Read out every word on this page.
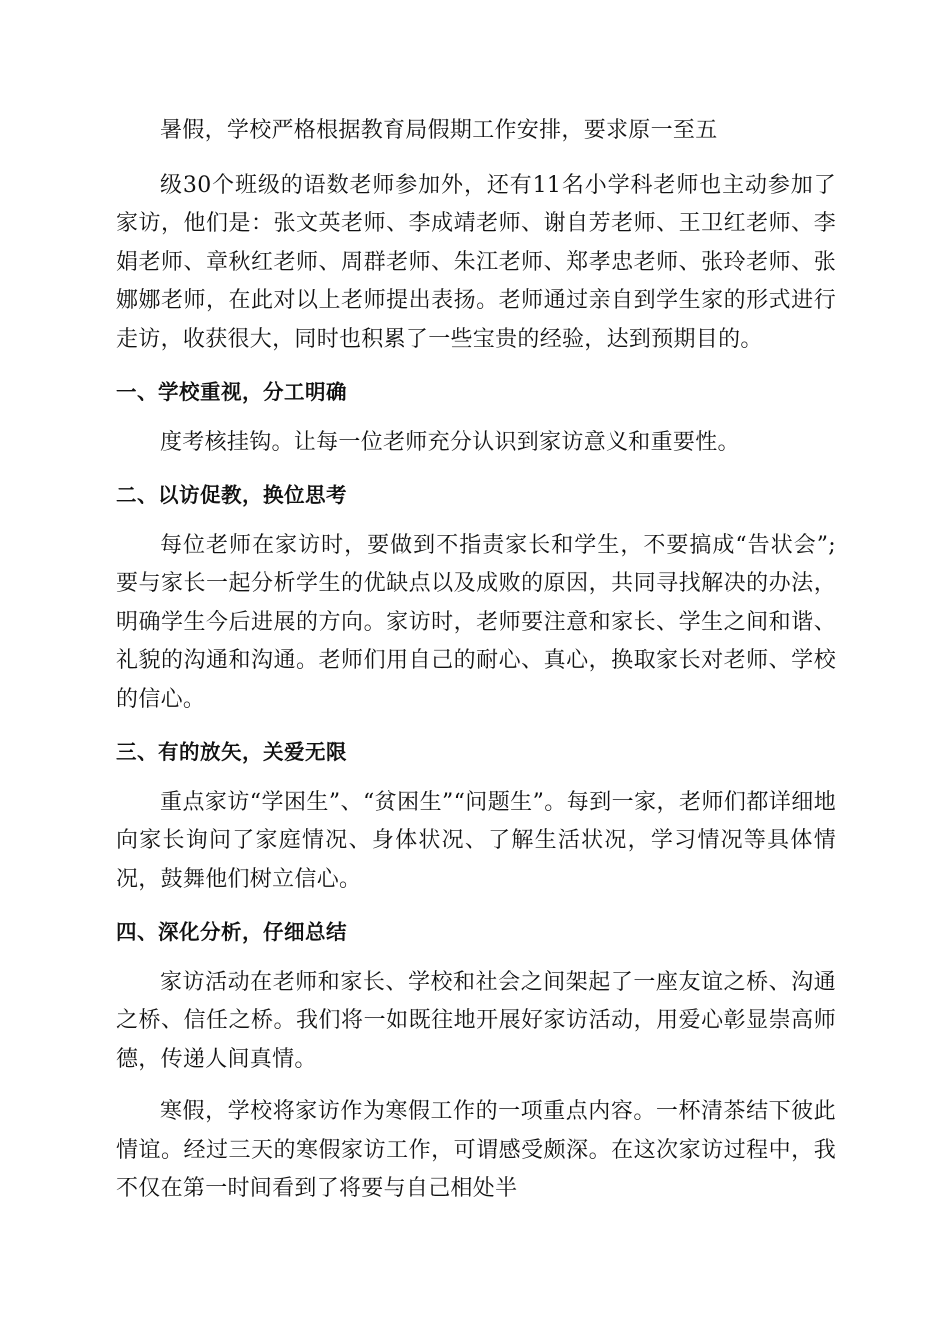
暑假，学校严格根据教育局假期工作安排，要求原一至五

级30个班级的语数老师参加外，还有11名小学科老师也主动参加了家访，他们是：张文英老师、李成靖老师、谢自芳老师、王卫红老师、李娟老师、章秋红老师、周群老师、朱江老师、郑孝忠老师、张玲老师、张娜娜老师，在此对以上老师提出表扬。老师通过亲自到学生家的形式进行走访，收获很大，同时也积累了一些宝贵的经验，达到预期目的。

一、学校重视，分工明确

度考核挂钩。让每一位老师充分认识到家访意义和重要性。

二、以访促教，换位思考

每位老师在家访时，要做到不指责家长和学生，不要搞成“告状会”;要与家长一起分析学生的优缺点以及成败的原因，共同寻找解决的办法，明确学生今后进展的方向。家访时，老师要注意和家长、学生之间和谐、礼貌的沟通和沟通。老师们用自己的耐心、真心，换取家长对老师、学校的信心。

三、有的放矢，关爱无限

重点家访“学困生”、“贫困生”“问题生”。每到一家，老师们都详细地向家长询问了家庭情况、身体状况、了解生活状况，学习情况等具体情况，鼓舞他们树立信心。

四、深化分析，仔细总结

家访活动在老师和家长、学校和社会之间架起了一座友谊之桥、沟通之桥、信任之桥。我们将一如既往地开展好家访活动，用爱心彰显崇高师德，传递人间真情。

寒假，学校将家访作为寒假工作的一项重点内容。一杯清茶结下彼此情谊。经过三天的寒假家访工作，可谓感受颇深。在这次家访过程中，我不仅在第一时间看到了将要与自己相处半
